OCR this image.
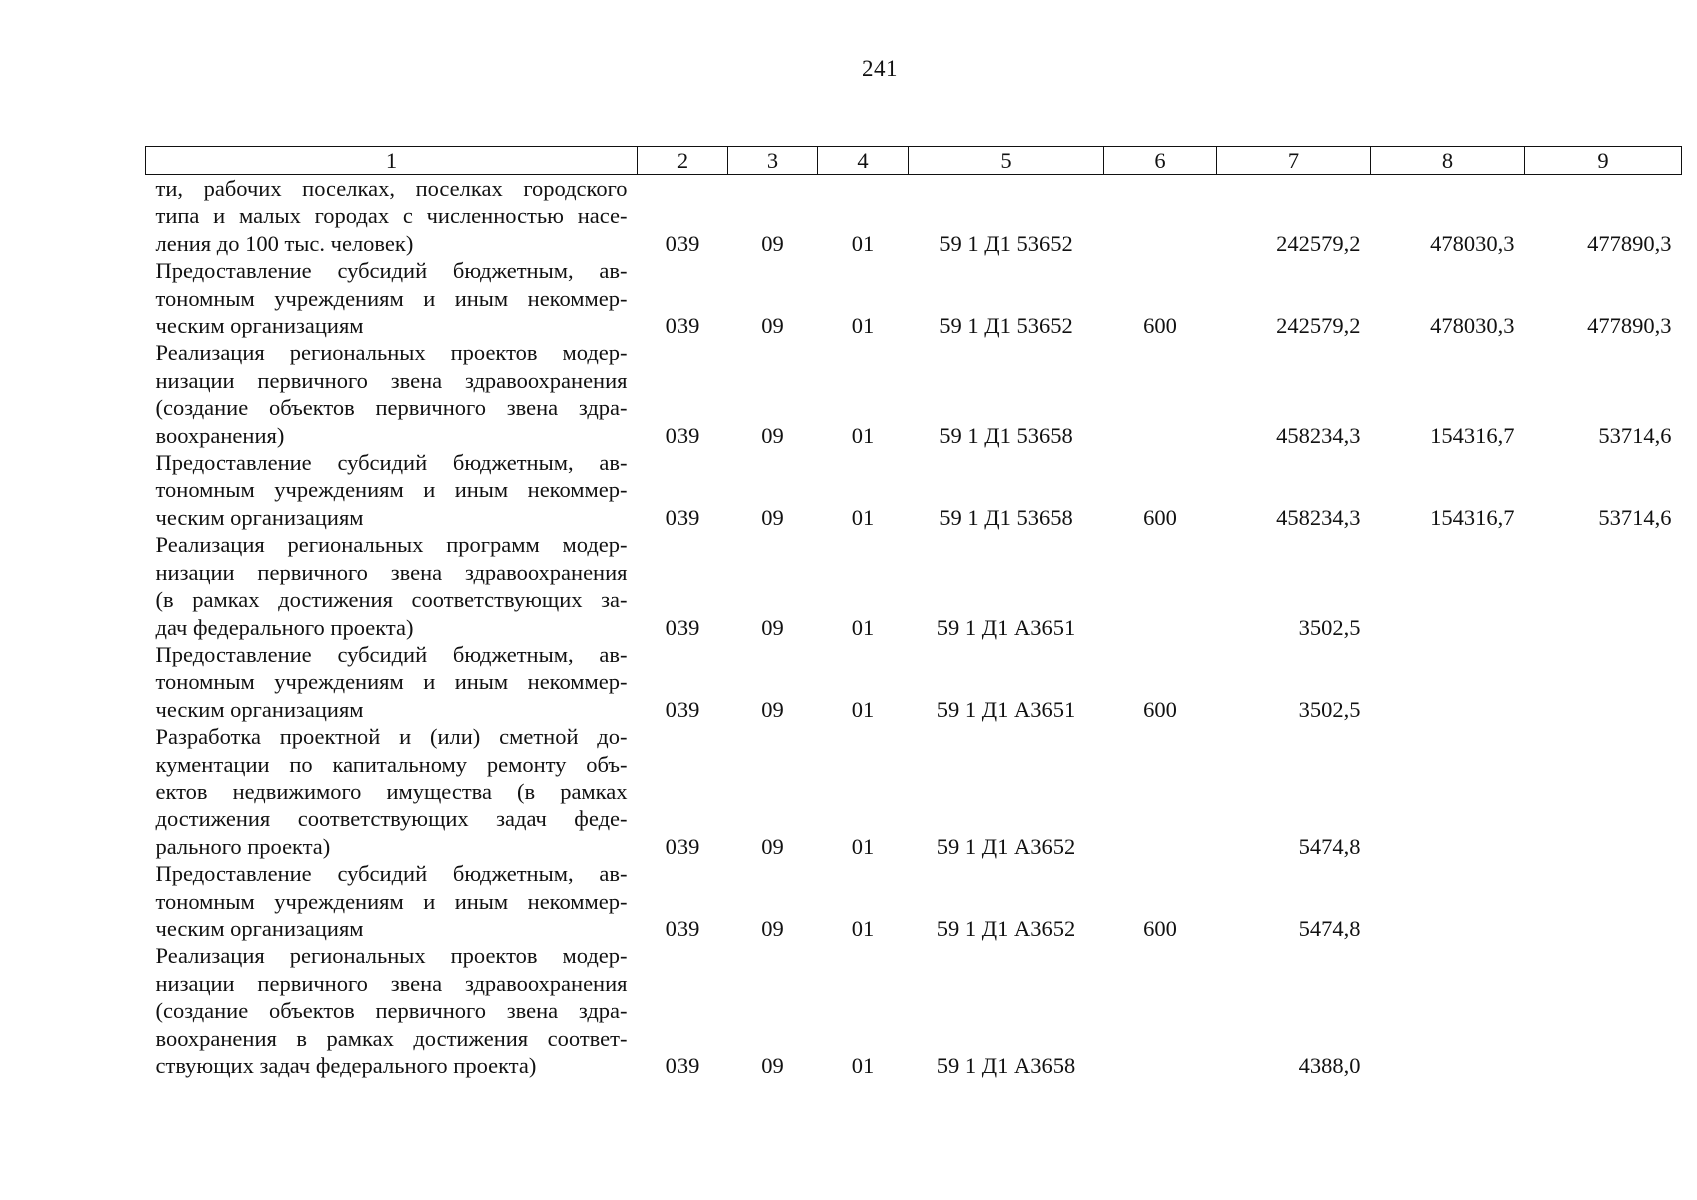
241
1	2	3	4	5	6	7	8	9

ти, рабочих поселках, поселках городского
типа и малых городах с численностью насе-
ления до 100 тыс. человек)	039	09	01	59 1 Д1 53652		242579,2	478030,3	477890,3

Предоставление субсидий бюджетным, ав-
тономным учреждениям и иным некоммер-
ческим организациям	039	09	01	59 1 Д1 53652	600	242579,2	478030,3	477890,3

Реализация региональных проектов модер-
низации первичного звена здравоохранения
(создание объектов первичного звена здра-
воохранения)	039	09	01	59 1 Д1 53658		458234,3	154316,7	53714,6

Предоставление субсидий бюджетным, ав-
тономным учреждениям и иным некоммер-
ческим организациям	039	09	01	59 1 Д1 53658	600	458234,3	154316,7	53714,6

Реализация региональных программ модер-
низации первичного звена здравоохранения
(в рамках достижения соответствующих за-
дач федерального проекта)	039	09	01	59 1 Д1 А3651		3502,5		

Предоставление субсидий бюджетным, ав-
тономным учреждениям и иным некоммер-
ческим организациям	039	09	01	59 1 Д1 А3651	600	3502,5		

Разработка проектной и (или) сметной до-
кументации по капитальному ремонту объ-
ектов недвижимого имущества (в рамках
достижения соответствующих задач феде-
рального проекта)	039	09	01	59 1 Д1 А3652		5474,8		

Предоставление субсидий бюджетным, ав-
тономным учреждениям и иным некоммер-
ческим организациям	039	09	01	59 1 Д1 А3652	600	5474,8		

Реализация региональных проектов модер-
низации первичного звена здравоохранения
(создание объектов первичного звена здра-
воохранения в рамках достижения соответ-
ствующих задач федерального проекта)	039	09	01	59 1 Д1 А3658		4388,0		
